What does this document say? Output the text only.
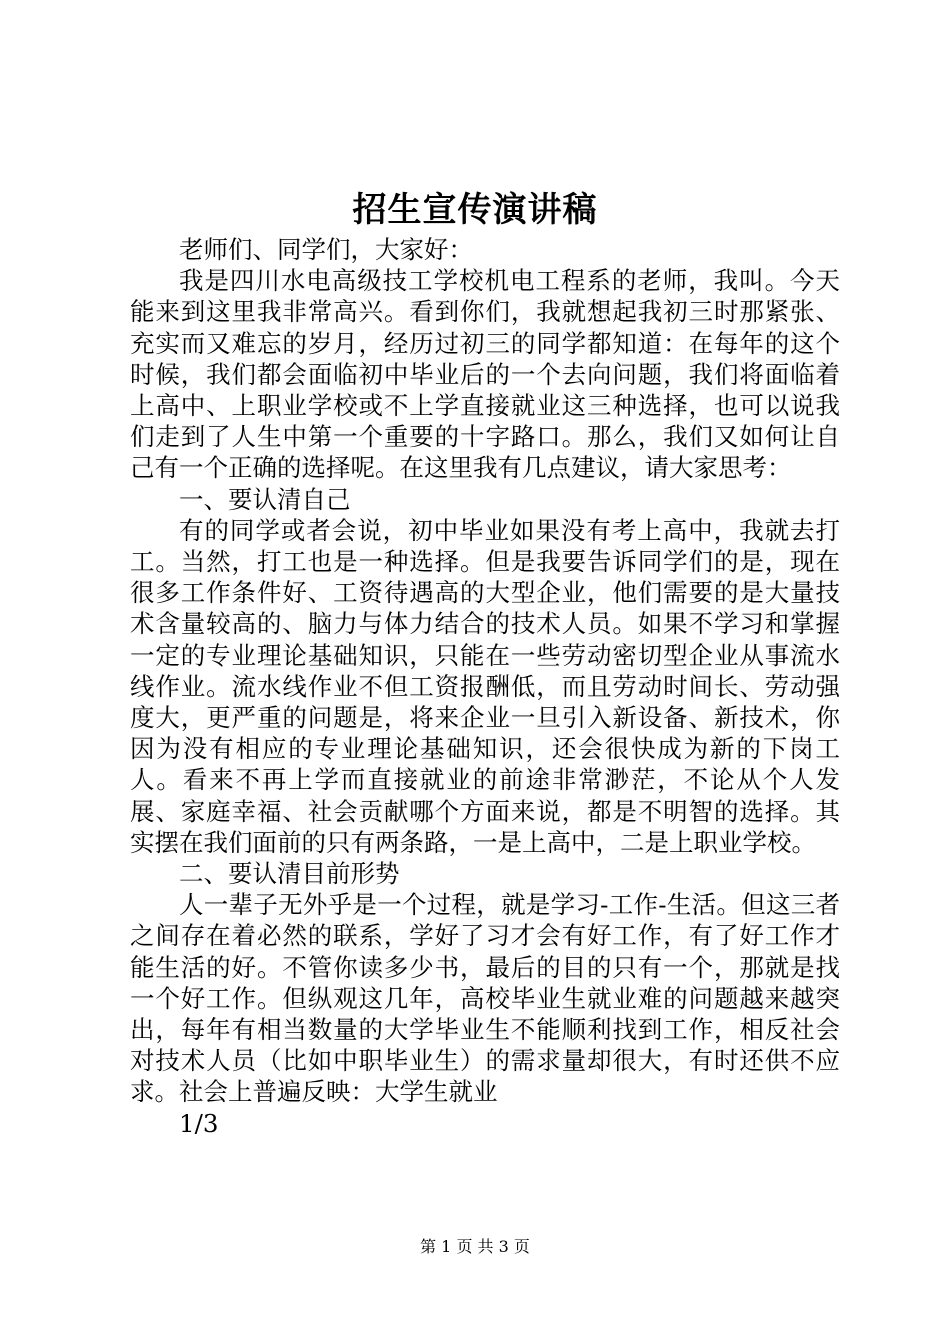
招生宣传演讲稿

老师们、同学们，大家好：

我是四川水电高级技工学校机电工程系的老师，我叫。今天能来到这里我非常高兴。看到你们，我就想起我初三时那紧张、充实而又难忘的岁月，经历过初三的同学都知道：在每年的这个时候，我们都会面临初中毕业后的一个去向问题，我们将面临着上高中、上职业学校或不上学直接就业这三种选择，也可以说我们走到了人生中第一个重要的十字路口。那么，我们又如何让自己有一个正确的选择呢。在这里我有几点建议，请大家思考：

一、要认清自己

有的同学或者会说，初中毕业如果没有考上高中，我就去打工。当然，打工也是一种选择。但是我要告诉同学们的是，现在很多工作条件好、工资待遇高的大型企业，他们需要的是大量技术含量较高的、脑力与体力结合的技术人员。如果不学习和掌握一定的专业理论基础知识，只能在一些劳动密切型企业从事流水线作业。流水线作业不但工资报酬低，而且劳动时间长、劳动强度大，更严重的问题是，将来企业一旦引入新设备、新技术，你因为没有相应的专业理论基础知识，还会很快成为新的下岗工人。看来不再上学而直接就业的前途非常渺茫，不论从个人发展、家庭幸福、社会贡献哪个方面来说，都是不明智的选择。其实摆在我们面前的只有两条路，一是上高中，二是上职业学校。

二、要认清目前形势

人一辈子无外乎是一个过程，就是学习-工作-生活。但这三者之间存在着必然的联系，学好了习才会有好工作，有了好工作才能生活的好。不管你读多少书，最后的目的只有一个，那就是找一个好工作。但纵观这几年，高校毕业生就业难的问题越来越突出，每年有相当数量的大学毕业生不能顺利找到工作，相反社会对技术人员（比如中职毕业生）的需求量却很大，有时还供不应求。社会上普遍反映：大学生就业

1/3

第 1 页 共 3 页
